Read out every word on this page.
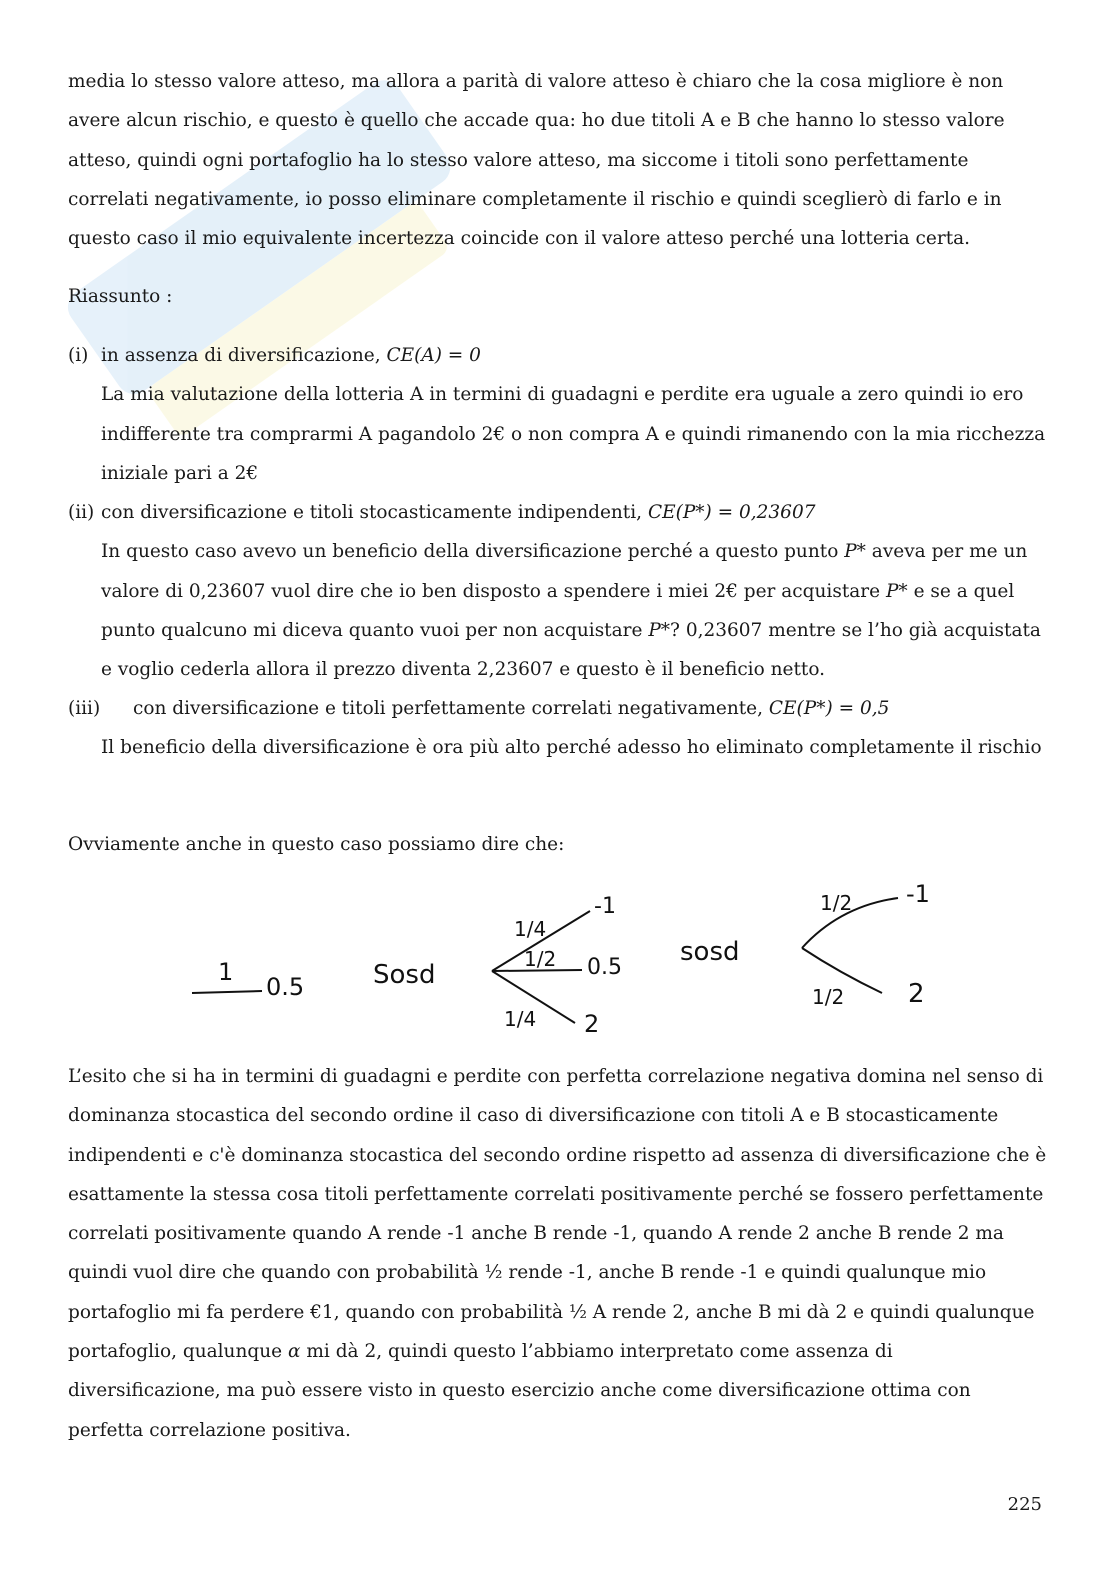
media lo stesso valore atteso, ma allora a parità di valore atteso è chiaro che la cosa migliore è non avere alcun rischio, e questo è quello che accade qua: ho due titoli A e B che hanno lo stesso valore atteso, quindi ogni portafoglio ha lo stesso valore atteso, ma siccome i titoli sono perfettamente correlati negativamente, io posso eliminare completamente il rischio e quindi sceglierò di farlo e in questo caso il mio equivalente incertezza coincide con il valore atteso perché una lotteria certa.
Riassunto :
(i) in assenza di diversificazione, CE(A) = 0
La mia valutazione della lotteria A in termini di guadagni e perdite era uguale a zero quindi io ero indifferente tra comprarmi A pagandolo 2€ o non compra A e quindi rimanendo con la mia ricchezza iniziale pari a 2€
(ii) con diversificazione e titoli stocasticamente indipendenti, CE(P*) = 0,23607
In questo caso avevo un beneficio della diversificazione perché a questo punto P* aveva per me un valore di 0,23607 vuol dire che io ben disposto a spendere i miei 2€ per acquistare P* e se a quel punto qualcuno mi diceva quanto vuoi per non acquistare P*? 0,23607 mentre se l’ho già acquistata e voglio cederla allora il prezzo diventa 2,23607 e questo è il beneficio netto.
(iii)	con diversificazione e titoli perfettamente correlati negativamente, CE(P*) = 0,5
Il beneficio della diversificazione è ora più alto perché adesso ho eliminato completamente il rischio
Ovviamente anche in questo caso possiamo dire che:
1
0.5	Sosd
1/4
-1
1/2 0.5
1/4 2
sosd
1/2 -1
1/2 2
L’esito che si ha in termini di guadagni e perdite con perfetta correlazione negativa domina nel senso di dominanza stocastica del secondo ordine il caso di diversificazione con titoli A e B stocasticamente indipendenti e c'è dominanza stocastica del secondo ordine rispetto ad assenza di diversificazione che è esattamente la stessa cosa titoli perfettamente correlati positivamente perché se fossero perfettamente correlati positivamente quando A rende -1 anche B rende -1, quando A rende 2 anche B rende 2 ma quindi vuol dire che quando con probabilità ½ rende -1, anche B rende -1 e quindi qualunque mio portafoglio mi fa perdere €1, quando con probabilità ½ A rende 2, anche B mi dà 2 e quindi qualunque portafoglio, qualunque α mi dà 2, quindi questo l’abbiamo interpretato come assenza di diversificazione, ma può essere visto in questo esercizio anche come diversificazione ottima con perfetta correlazione positiva.
225
